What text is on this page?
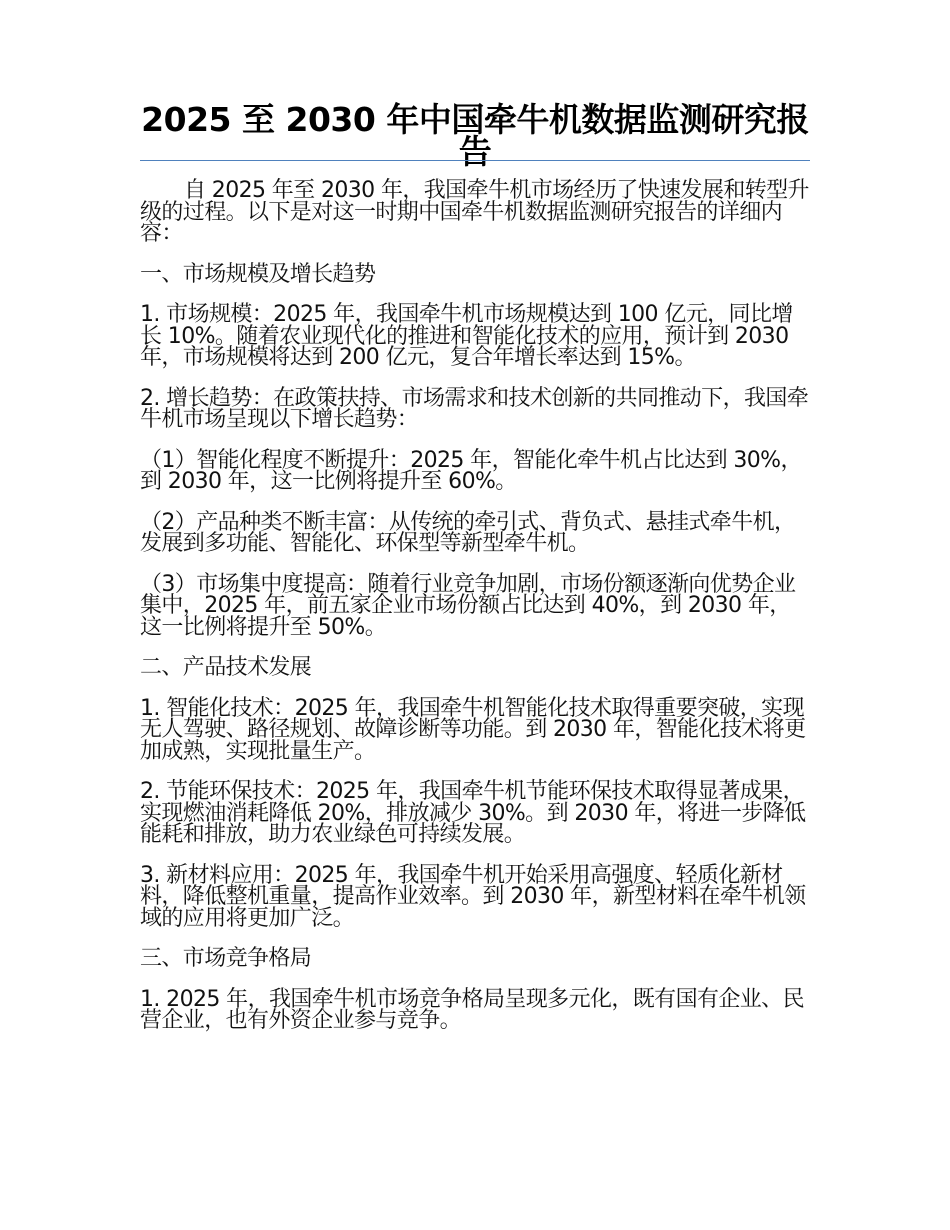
2025 至 2030 年中国牵牛机数据监测研究报告

自 2025 年至 2030 年，我国牵牛机市场经历了快速发展和转型升级的过程。以下是对这一时期中国牵牛机数据监测研究报告的详细内容：

一、市场规模及增长趋势

1. 市场规模：2025 年，我国牵牛机市场规模达到 100 亿元，同比增长 10%。随着农业现代化的推进和智能化技术的应用，预计到 2030 年，市场规模将达到 200 亿元，复合年增长率达到 15%。

2. 增长趋势：在政策扶持、市场需求和技术创新的共同推动下，我国牵牛机市场呈现以下增长趋势：

（1）智能化程度不断提升：2025 年，智能化牵牛机占比达到 30%，到 2030 年，这一比例将提升至 60%。

（2）产品种类不断丰富：从传统的牵引式、背负式、悬挂式牵牛机，发展到多功能、智能化、环保型等新型牵牛机。

（3）市场集中度提高：随着行业竞争加剧，市场份额逐渐向优势企业集中，2025 年，前五家企业市场份额占比达到 40%，到 2030 年，这一比例将提升至 50%。

二、产品技术发展

1. 智能化技术：2025 年，我国牵牛机智能化技术取得重要突破，实现无人驾驶、路径规划、故障诊断等功能。到 2030 年，智能化技术将更加成熟，实现批量生产。

2. 节能环保技术：2025 年，我国牵牛机节能环保技术取得显著成果，实现燃油消耗降低 20%，排放减少 30%。到 2030 年，将进一步降低能耗和排放，助力农业绿色可持续发展。

3. 新材料应用：2025 年，我国牵牛机开始采用高强度、轻质化新材料，降低整机重量，提高作业效率。到 2030 年，新型材料在牵牛机领域的应用将更加广泛。

三、市场竞争格局

1. 2025 年，我国牵牛机市场竞争格局呈现多元化，既有国有企业、民营企业，也有外资企业参与竞争。
